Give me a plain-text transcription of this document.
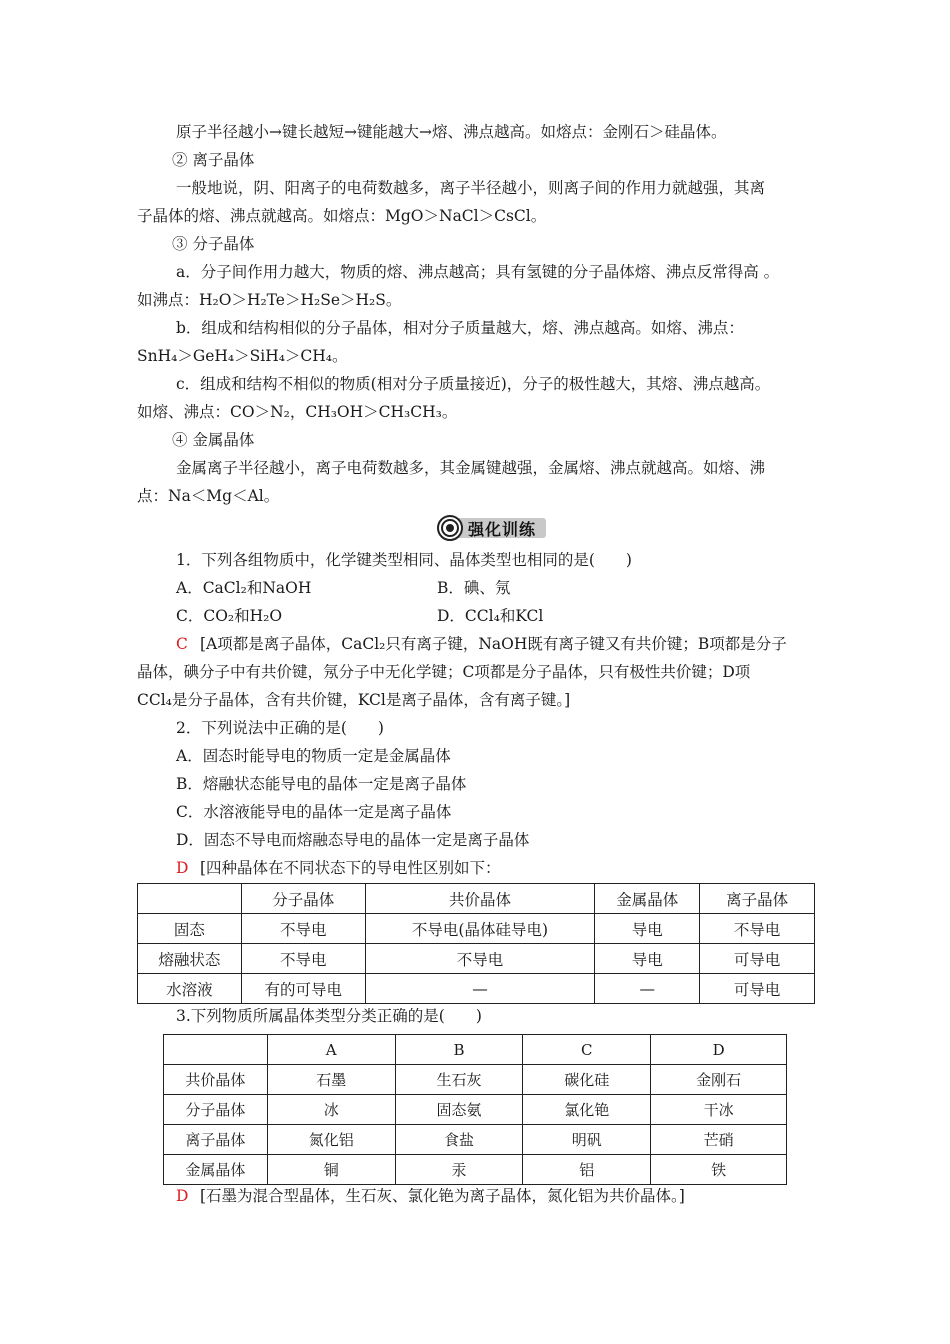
原子半径越小→键长越短→键能越大→熔、沸点越高。如熔点：金刚石＞硅晶体。
② 离子晶体
一般地说，阴、阳离子的电荷数越多，离子半径越小，则离子间的作用力就越强，其离
子晶体的熔、沸点就越高。如熔点：MgO＞NaCl＞CsCl。
③ 分子晶体
a．分子间作用力越大，物质的熔、沸点越高；具有氢键的分子晶体熔、沸点反常得高 。
如沸点：H₂O＞H₂Te＞H₂Se＞H₂S。
b．组成和结构相似的分子晶体，相对分子质量越大，熔、沸点越高。如熔、沸点：
SnH₄＞GeH₄＞SiH₄＞CH₄。
c．组成和结构不相似的物质(相对分子质量接近)，分子的极性越大，其熔、沸点越高。
如熔、沸点：CO＞N₂，CH₃OH＞CH₃CH₃。
④ 金属晶体
金属离子半径越小，离子电荷数越多，其金属键越强，金属熔、沸点就越高。如熔、沸
点：Na＜Mg＜Al。
强化训练
1．下列各组物质中，化学键类型相同、晶体类型也相同的是(　　)
A．CaCl₂和NaOH	B．碘、氖
C．CO₂和H₂O	D．CCl₄和KCl
C [A项都是离子晶体，CaCl₂只有离子键，NaOH既有离子键又有共价键；B项都是分子
晶体，碘分子中有共价键，氖分子中无化学键；C项都是分子晶体，只有极性共价键；D项
CCl₄是分子晶体，含有共价键，KCl是离子晶体，含有离子键。]
2．下列说法中正确的是(　　)
A．固态时能导电的物质一定是金属晶体
B．熔融状态能导电的晶体一定是离子晶体
C．水溶液能导电的晶体一定是离子晶体
D．固态不导电而熔融态导电的晶体一定是离子晶体
D [四种晶体在不同状态下的导电性区别如下：
	分子晶体	共价晶体	金属晶体	离子晶体
固态	不导电	不导电(晶体硅导电)	导电	不导电
熔融状态	不导电	不导电	导电	可导电
水溶液	有的可导电	—	—	可导电
3.下列物质所属晶体类型分类正确的是(　　)
	A	B	C	D
共价晶体	石墨	生石灰	碳化硅	金刚石
分子晶体	冰	固态氨	氯化铯	干冰
离子晶体	氮化铝	食盐	明矾	芒硝
金属晶体	铜	汞	铝	铁
D [石墨为混合型晶体，生石灰、氯化铯为离子晶体，氮化铝为共价晶体。]
